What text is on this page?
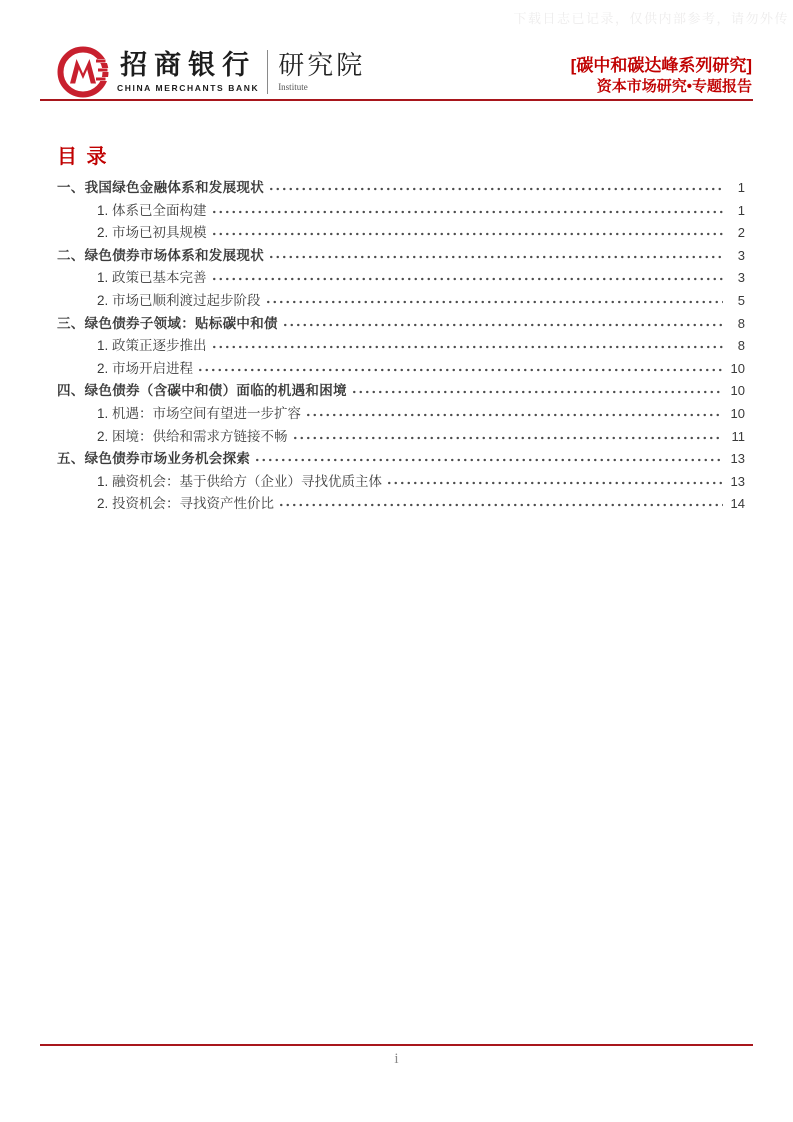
下载日志已记录，仅供内部参考，请勿外传
招商银行
CHINA MERCHANTS BANK
研究院
Institute
[碳中和碳达峰系列研究]
资本市场研究•专题报告
目 录
一、我国绿色金融体系和发展现状	1
1. 体系已全面构建	1
2. 市场已初具规模	2
二、绿色债券市场体系和发展现状	3
1. 政策已基本完善	3
2. 市场已顺利渡过起步阶段	5
三、绿色债券子领域：贴标碳中和债	8
1. 政策正逐步推出	8
2. 市场开启进程	10
四、绿色债券（含碳中和债）面临的机遇和困境	10
1. 机遇：市场空间有望进一步扩容	10
2. 困境：供给和需求方链接不畅	11
五、绿色债券市场业务机会探索	13
1. 融资机会：基于供给方（企业）寻找优质主体	13
2. 投资机会：寻找资产性价比	14
i
